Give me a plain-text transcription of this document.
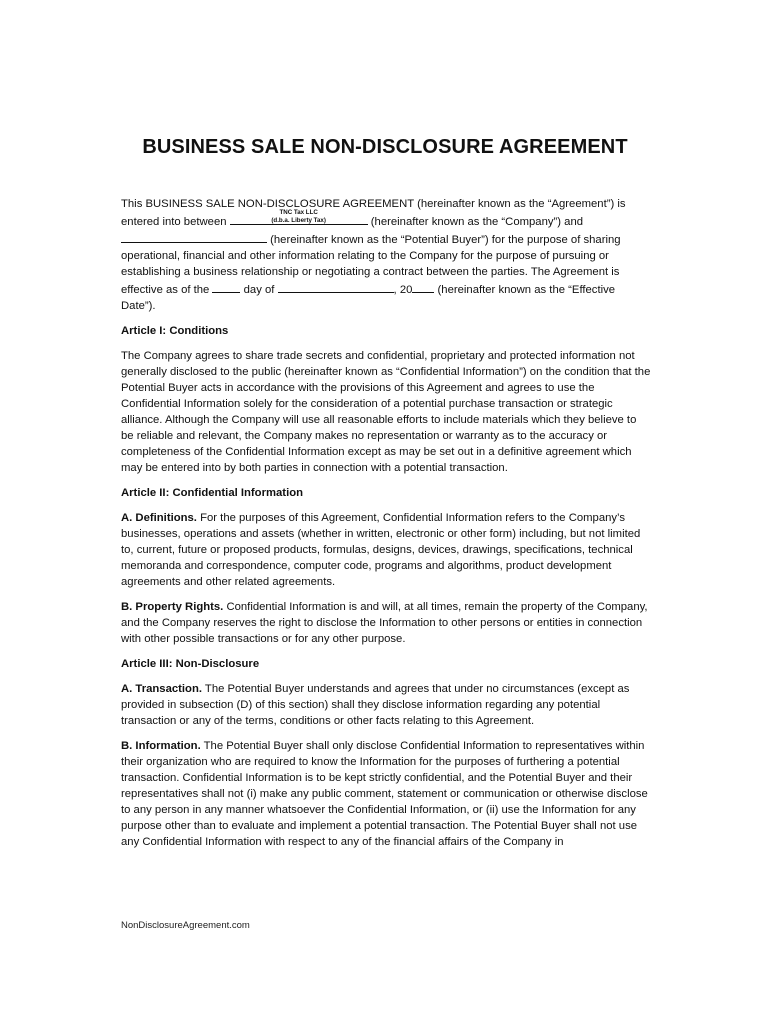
BUSINESS SALE NON-DISCLOSURE AGREEMENT

This BUSINESS SALE NON-DISCLOSURE AGREEMENT (hereinafter known as the “Agreement”) is entered into between
TNC Tax LLC
(d.b.a. Liberty Tax)	(hereinafter known as the “Company”) and  (hereinafter known as the “Potential Buyer”) for the purpose of sharing operational, financial and other information relating to the Company for the purpose of pursuing or establishing a business relationship or negotiating a contract between the parties. The Agreement is effective as of the  day of	, 20 (hereinafter known as the “Effective Date”).

Article I: Conditions

The Company agrees to share trade secrets and confidential, proprietary and protected information not generally disclosed to the public (hereinafter known as “Confidential Information”) on the condition that the Potential Buyer acts in accordance with the provisions of this Agreement and agrees to use the Confidential Information solely for the consideration of a potential purchase transaction or strategic alliance. Although the Company will use all reasonable efforts to include materials which they believe to be reliable and relevant, the Company makes no representation or warranty as to the accuracy or completeness of the Confidential Information except as may be set out in a definitive agreement which may be entered into by both parties in connection with a potential transaction.

Article II: Confidential Information

A. Definitions. For the purposes of this Agreement, Confidential Information refers to the Company’s businesses, operations and assets (whether in written, electronic or other form) including, but not limited to, current, future or proposed products, formulas, designs, devices, drawings, specifications, technical memoranda and correspondence, computer code, programs and algorithms, product development agreements and other related agreements.

B. Property Rights. Confidential Information is and will, at all times, remain the property of the Company, and the Company reserves the right to disclose the Information to other persons or entities in connection with other possible transactions or for any other purpose.

Article III: Non-Disclosure

A. Transaction. The Potential Buyer understands and agrees that under no circumstances (except as provided in subsection (D) of this section) shall they disclose information regarding any potential transaction or any of the terms, conditions or other facts relating to this Agreement.

B. Information. The Potential Buyer shall only disclose Confidential Information to representatives within their organization who are required to know the Information for the purposes of furthering a potential transaction. Confidential Information is to be kept strictly confidential, and the Potential Buyer and their representatives shall not (i) make any public comment, statement or communication or otherwise disclose to any person in any manner whatsoever the Confidential Information, or (ii) use the Information for any purpose other than to evaluate and implement a potential transaction. The Potential Buyer shall not use any Confidential Information with respect to any of the financial affairs of the Company in

NonDisclosureAgreement.com
